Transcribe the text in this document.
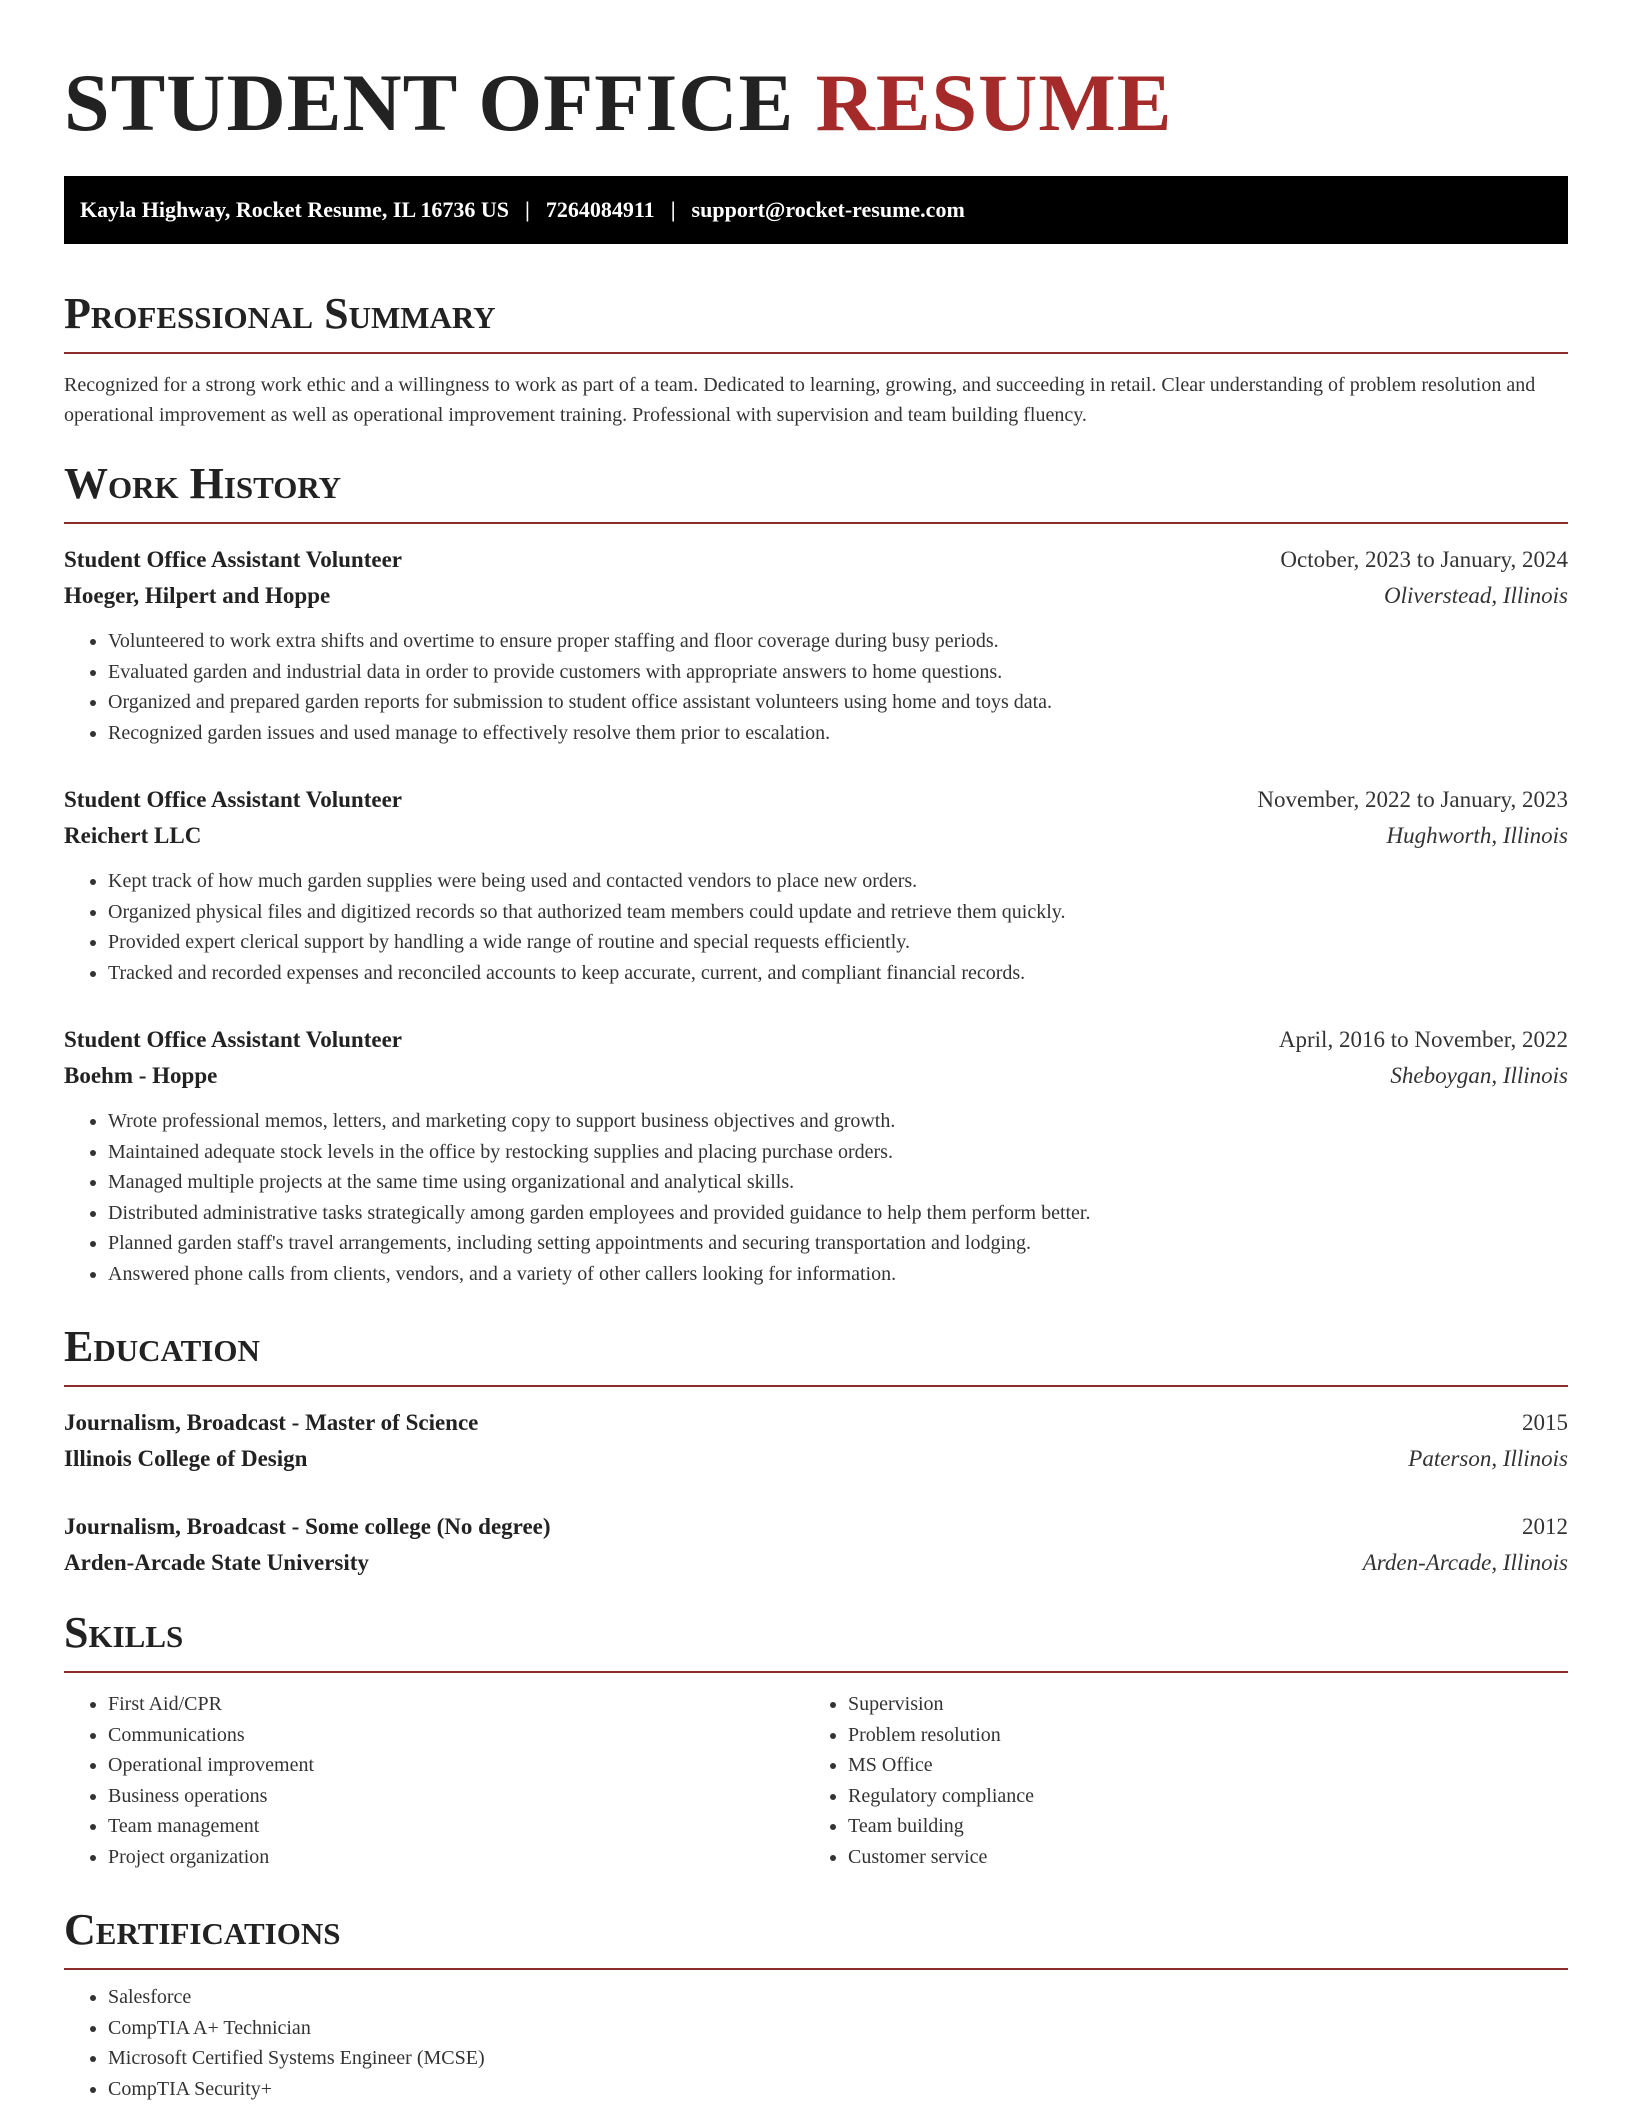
STUDENT OFFICE RESUME
Kayla Highway, Rocket Resume, IL 16736 US | 7264084911 | support@rocket-resume.com
Professional Summary

Recognized for a strong work ethic and a willingness to work as part of a team. Dedicated to learning, growing, and succeeding in retail. Clear understanding of problem resolution and operational improvement as well as operational improvement training. Professional with supervision and team building fluency.

Work History
Student Office Assistant Volunteer	October, 2023 to January, 2024
Hoeger, Hilpert and Hoppe	Oliverstead, Illinois
• Volunteered to work extra shifts and overtime to ensure proper staffing and floor coverage during busy periods.
• Evaluated garden and industrial data in order to provide customers with appropriate answers to home questions.
• Organized and prepared garden reports for submission to student office assistant volunteers using home and toys data.
• Recognized garden issues and used manage to effectively resolve them prior to escalation.
Student Office Assistant Volunteer	November, 2022 to January, 2023
Reichert LLC	Hughworth, Illinois
• Kept track of how much garden supplies were being used and contacted vendors to place new orders.
• Organized physical files and digitized records so that authorized team members could update and retrieve them quickly.
• Provided expert clerical support by handling a wide range of routine and special requests efficiently.
• Tracked and recorded expenses and reconciled accounts to keep accurate, current, and compliant financial records.
Student Office Assistant Volunteer	April, 2016 to November, 2022
Boehm - Hoppe	Sheboygan, Illinois
• Wrote professional memos, letters, and marketing copy to support business objectives and growth.
• Maintained adequate stock levels in the office by restocking supplies and placing purchase orders.
• Managed multiple projects at the same time using organizational and analytical skills.
• Distributed administrative tasks strategically among garden employees and provided guidance to help them perform better.
• Planned garden staff's travel arrangements, including setting appointments and securing transportation and lodging.
• Answered phone calls from clients, vendors, and a variety of other callers looking for information.
Education
Journalism, Broadcast - Master of Science	2015
Illinois College of Design	Paterson, Illinois
Journalism, Broadcast - Some college (No degree)	2012
Arden-Arcade State University	Arden-Arcade, Illinois
Skills
• First Aid/CPR
• Communications
• Operational improvement
• Business operations
• Team management
• Project organization
• Supervision
• Problem resolution
• MS Office
• Regulatory compliance
• Team building
• Customer service
Certifications
• Salesforce
• CompTIA A+ Technician
• Microsoft Certified Systems Engineer (MCSE)
• CompTIA Security+
